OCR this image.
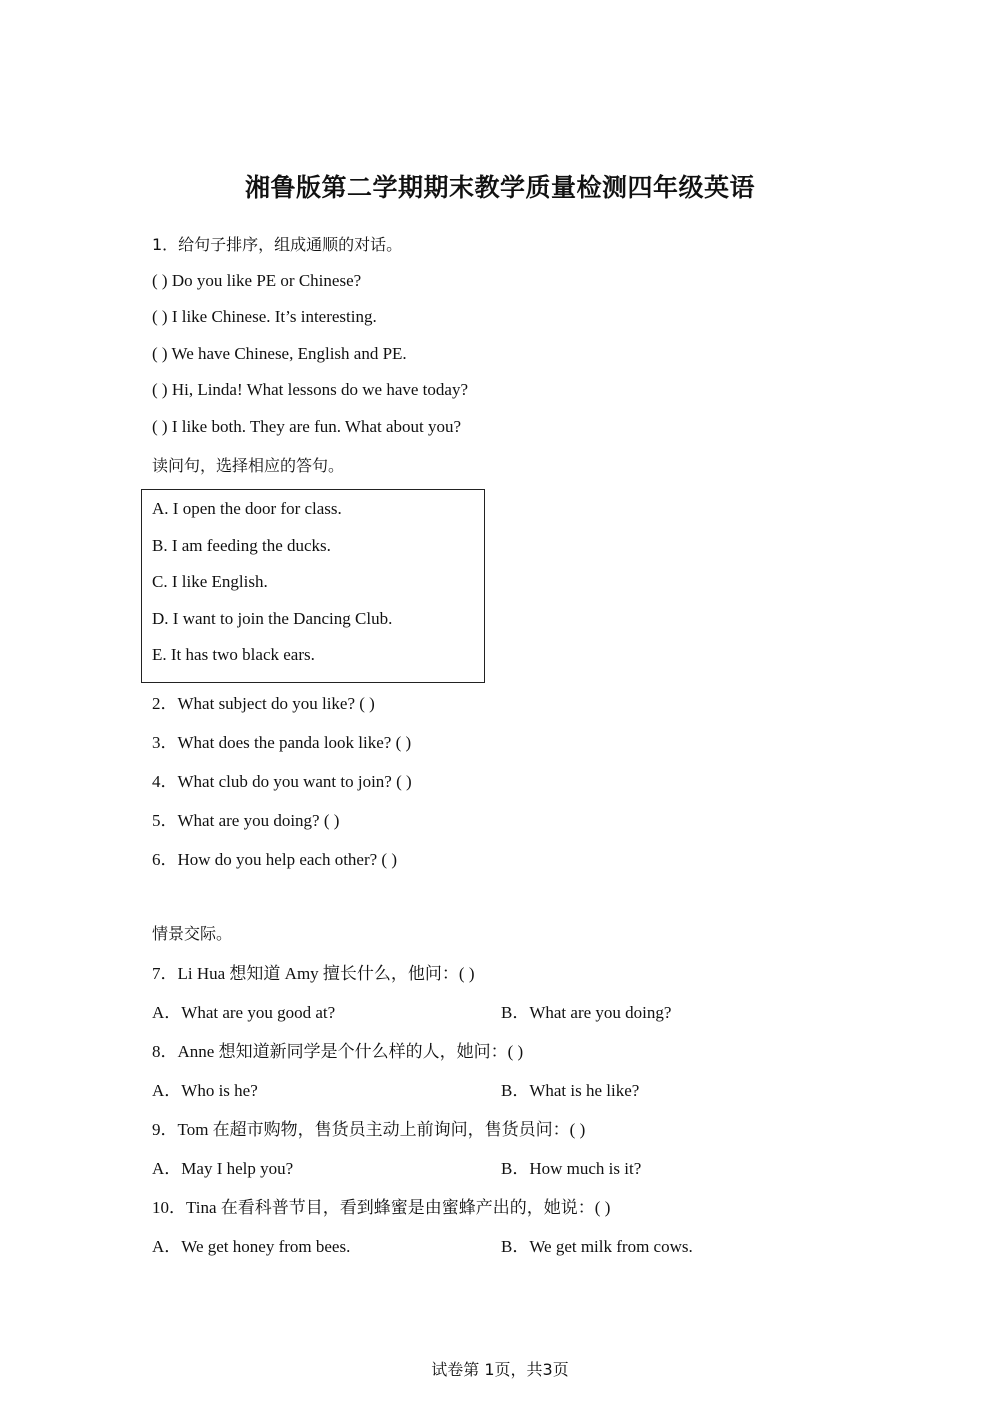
湘鲁版第二学期期末教学质量检测四年级英语
1．给句子排序，组成通顺的对话。
( ) Do you like PE or Chinese?
( ) I like Chinese. It’s interesting.
( ) We have Chinese, English and PE.
( ) Hi, Linda! What lessons do we have today?
( ) I like both. They are fun. What about you?
读问句，选择相应的答句。
A. I open the door for class.
B. I am feeding the ducks.
C. I like English.
D. I want to join the Dancing Club.
E. It has two black ears.
2．What subject do you like? ( )
3．What does the panda look like? ( )
4．What club do you want to join? ( )
5．What are you doing? ( )
6．How do you help each other? ( )
情景交际。
7．Li Hua 想知道 Amy 擅长什么，他问：( )
A．What are you good at?	B．What are you doing?
8．Anne 想知道新同学是个什么样的人，她问：( )
A．Who is he?	B．What is he like?
9．Tom 在超市购物，售货员主动上前询问，售货员问：( )
A．May I help you?	B．How much is it?
10．Tina 在看科普节目，看到蜂蜜是由蜜蜂产出的，她说：( )
A．We get honey from bees.	B．We get milk from cows.
试卷第 1页，共3页
